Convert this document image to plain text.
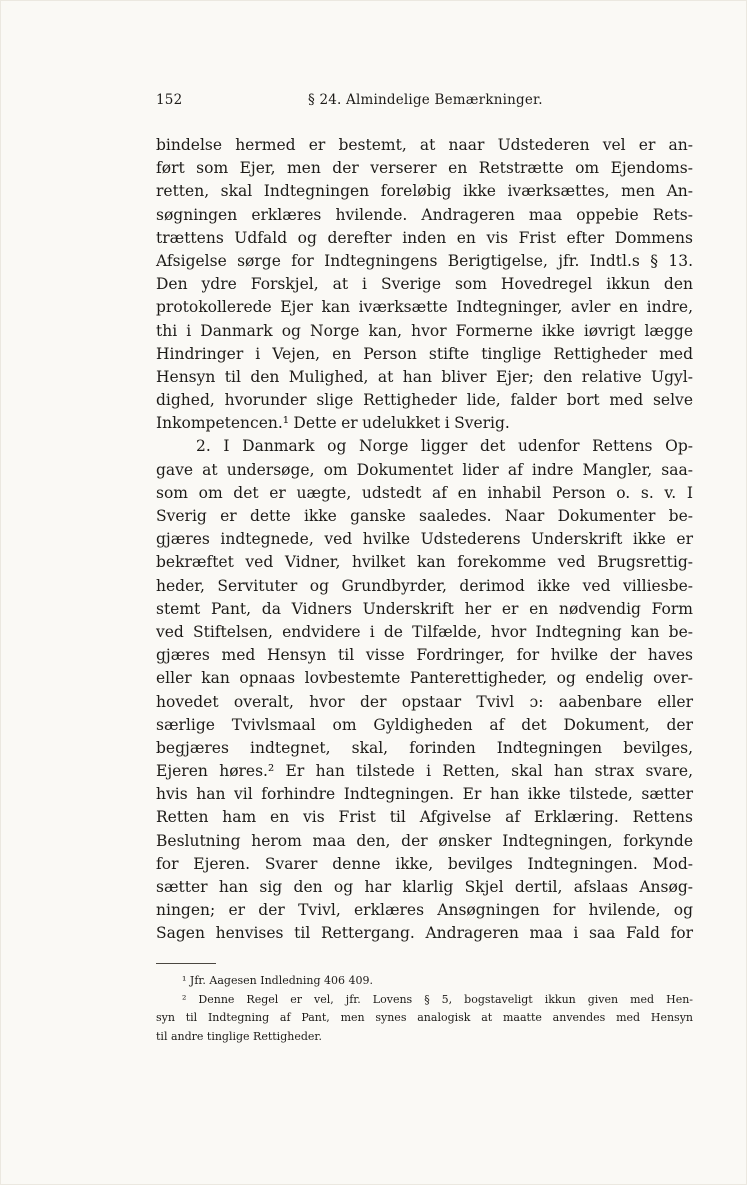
152	§ 24. Almindelige Bemærkninger.
bindelse hermed er bestemt, at naar Udstederen vel er an-
ført som Ejer, men der verserer en Retstrætte om Ejendoms-
retten, skal Indtegningen foreløbig ikke iværksættes, men An-
søgningen erklæres hvilende. Andrageren maa oppebie Rets-
trættens Udfald og derefter inden en vis Frist efter Dommens
Afsigelse sørge for Indtegningens Berigtigelse, jfr. Indtl.s § 13.
Den ydre Forskjel, at i Sverige som Hovedregel ikkun den
protokollerede Ejer kan iværksætte Indtegninger, avler en indre,
thi i Danmark og Norge kan, hvor Formerne ikke iøvrigt lægge
Hindringer i Vejen, en Person stifte tinglige Rettigheder med
Hensyn til den Mulighed, at han bliver Ejer; den relative Ugyl-
dighed, hvorunder slige Rettigheder lide, falder bort med selve
Inkompetencen.¹ Dette er udelukket i Sverig.
2. I Danmark og Norge ligger det udenfor Rettens Op-
gave at undersøge, om Dokumentet lider af indre Mangler, saa-
som om det er uægte, udstedt af en inhabil Person o. s. v. I
Sverig er dette ikke ganske saaledes. Naar Dokumenter be-
gjæres indtegnede, ved hvilke Udstederens Underskrift ikke er
bekræftet ved Vidner, hvilket kan forekomme ved Brugsrettig-
heder, Servituter og Grundbyrder, derimod ikke ved villiesbe-
stemt Pant, da Vidners Underskrift her er en nødvendig Form
ved Stiftelsen, endvidere i de Tilfælde, hvor Indtegning kan be-
gjæres med Hensyn til visse Fordringer, for hvilke der haves
eller kan opnaas lovbestemte Panterettigheder, og endelig over-
hovedet overalt, hvor der opstaar Tvivl ɔ: aabenbare eller
særlige Tvivlsmaal om Gyldigheden af det Dokument, der
begjæres indtegnet, skal, forinden Indtegningen bevilges,
Ejeren høres.² Er han tilstede i Retten, skal han strax svare,
hvis han vil forhindre Indtegningen. Er han ikke tilstede, sætter
Retten ham en vis Frist til Afgivelse af Erklæring. Rettens
Beslutning herom maa den, der ønsker Indtegningen, forkynde
for Ejeren. Svarer denne ikke, bevilges Indtegningen. Mod-
sætter han sig den og har klarlig Skjel dertil, afslaas Ansøg-
ningen; er der Tvivl, erklæres Ansøgningen for hvilende, og
Sagen henvises til Rettergang. Andrageren maa i saa Fald for
¹ Jfr. Aagesen Indledning 406 409.
² Denne Regel er vel, jfr. Lovens § 5, bogstaveligt ikkun given med Hen-
syn til Indtegning af Pant, men synes analogisk at maatte anvendes med Hensyn
til andre tinglige Rettigheder.
